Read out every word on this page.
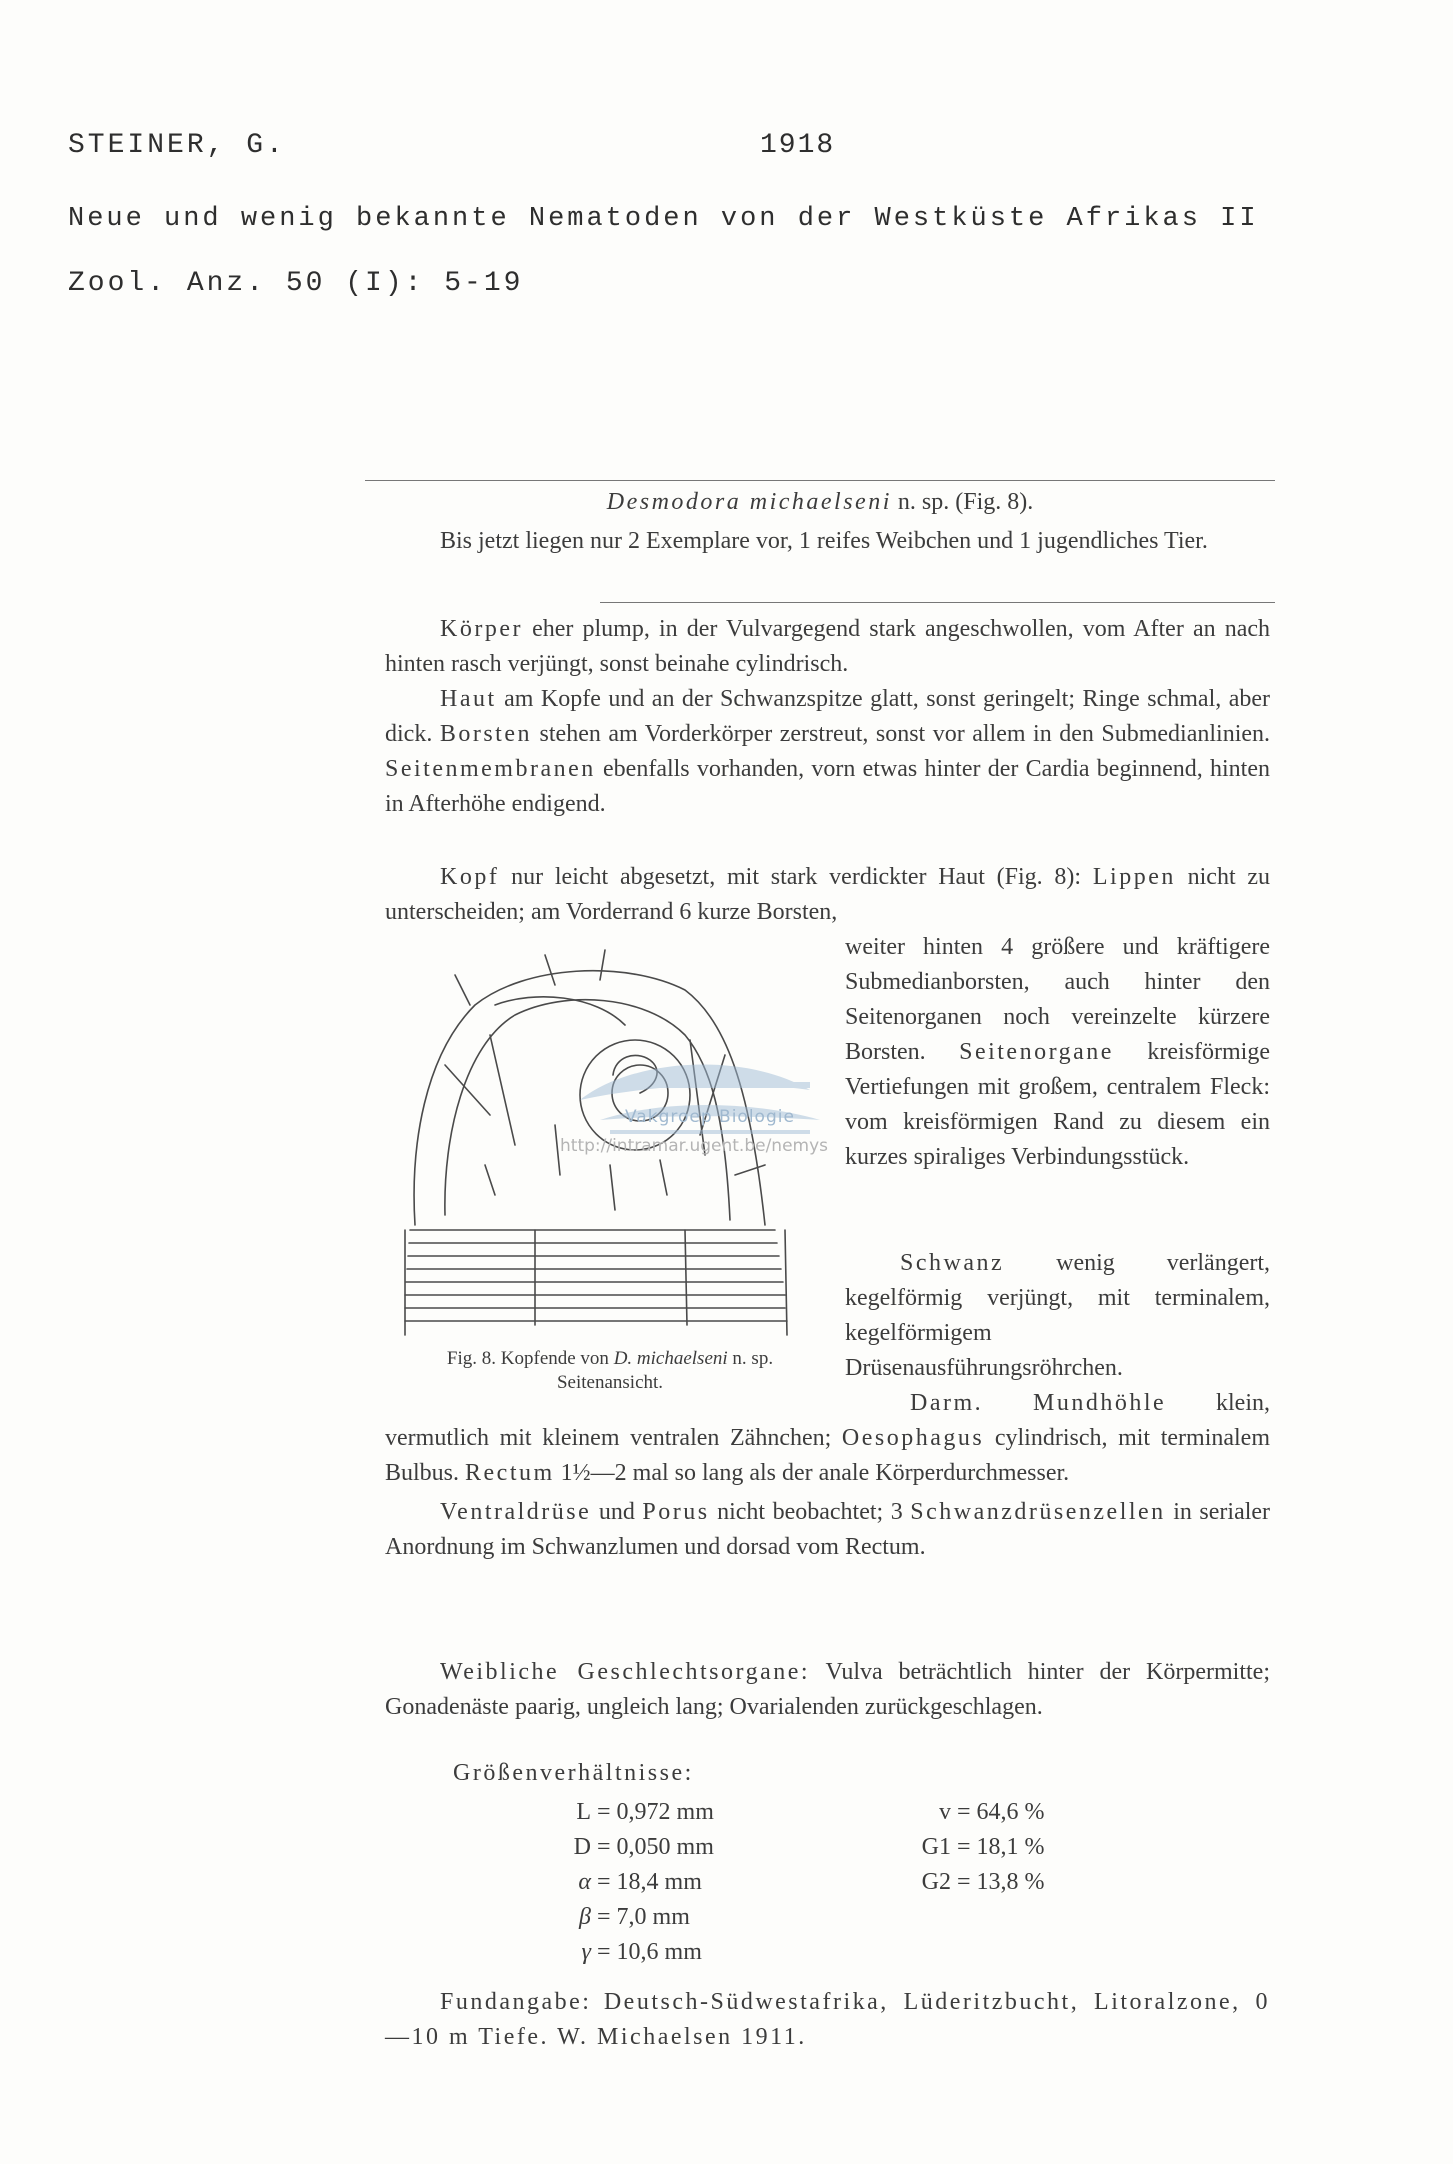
STEINER, G.	1918

Neue und wenig bekannte Nematoden von der Westküste Afrikas II

Zool. Anz. 50 (I): 5-19

Desmodora michaelseni n. sp. (Fig. 8).

Bis jetzt liegen nur 2 Exemplare vor, 1 reifes Weibchen und 1 jugendliches Tier.

Körper eher plump, in der Vulvargegend stark angeschwollen, vom After an nach hinten rasch verjüngt, sonst beinahe cylindrisch.

Haut am Kopfe und an der Schwanzspitze glatt, sonst geringelt; Ringe schmal, aber dick. Borsten stehen am Vorderkörper zerstreut, sonst vor allem in den Submedianlinien. Seitenmembranen ebenfalls vorhanden, vorn etwas hinter der Cardia beginnend, hinten in Afterhöhe endigend.

Kopf nur leicht abgesetzt, mit stark verdickter Haut (Fig. 8): Lippen nicht zu unterscheiden; am Vorderrand 6 kurze Borsten,

weiter hinten 4 größere und kräftigere Submedianborsten, auch hinter den Seitenorganen noch vereinzelte kürzere Borsten. Seitenorgane kreisförmige Vertiefungen mit großem, centralem Fleck: vom kreisförmigen Rand zu diesem ein kurzes spiraliges Verbindungsstück.

Schwanz wenig verlängert, kegelförmig verjüngt, mit terminalem, kegelförmigem Drüsenausführungsröhrchen.

Vakgroep Biologie
http://intramar.ugent.be/nemys

Fig. 8. Kopfende von D. michaelseni n. sp.
Seitenansicht.

Darm. Mundhöhle klein, vermutlich mit kleinem ventralen Zähnchen; Oesophagus cylindrisch, mit terminalem Bulbus. Rectum 1½—2 mal so lang als der anale Körperdurchmesser.

Ventraldrüse und Porus nicht beobachtet; 3 Schwanzdrüsenzellen in serialer Anordnung im Schwanzlumen und dorsad vom Rectum.

Weibliche Geschlechtsorgane: Vulva beträchtlich hinter der Körpermitte; Gonadenäste paarig, ungleich lang; Ovarialenden zurückgeschlagen.

Größenverhältnisse:

L = 0,972 mm
D = 0,050 mm
α = 18,4 mm
β = 7,0 mm
γ = 10,6 mm
v = 64,6 %
G1 = 18,1 %
G2 = 13,8 %

Fundangabe: Deutsch-Südwestafrika, Lüderitzbucht, Litoralzone, 0—10 m Tiefe. W. Michaelsen 1911.
